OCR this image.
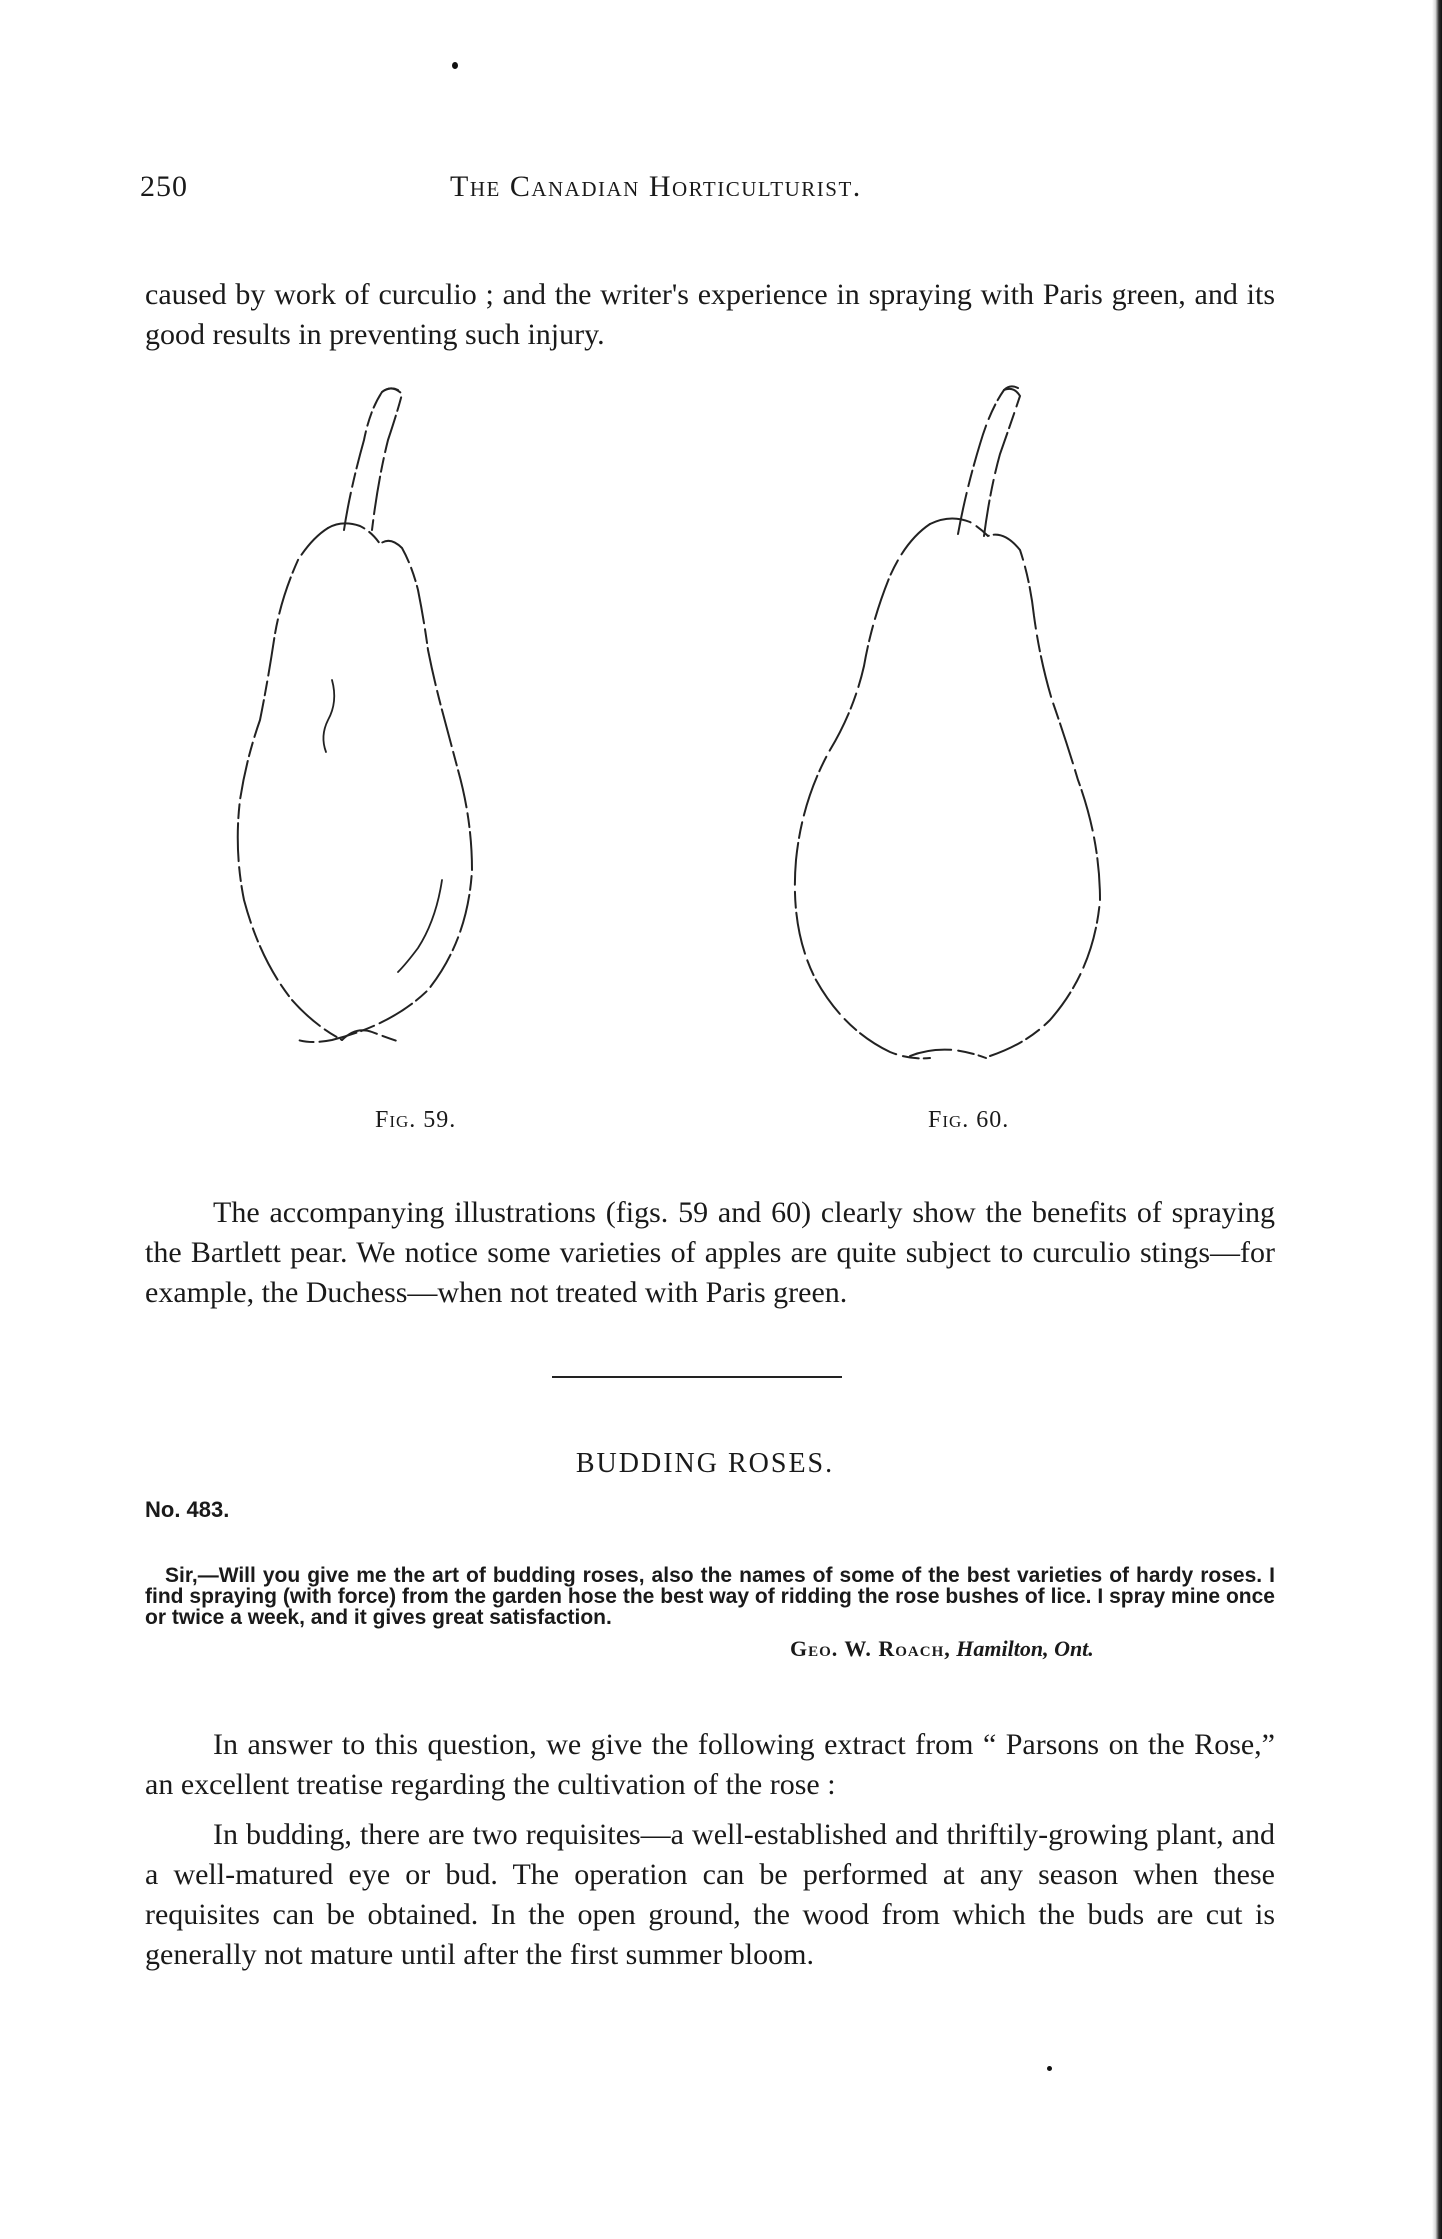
250	The Canadian Horticulturist.

caused by work of curculio ; and the writer's experience in spraying with Paris green, and its good results in preventing such injury.

Fig. 59.	Fig. 60.

The accompanying illustrations (figs. 59 and 60) clearly show the benefits of spraying the Bartlett pear. We notice some varieties of apples are quite subject to curculio stings—for example, the Duchess—when not treated with Paris green.

BUDDING ROSES.
No. 483.

Sir,—Will you give me the art of budding roses, also the names of some of the best varieties of hardy roses. I find spraying (with force) from the garden hose the best way of ridding the rose bushes of lice. I spray mine once or twice a week, and it gives great satisfaction.

Geo. W. Roach, Hamilton, Ont.

In answer to this question, we give the following extract from “ Parsons on the Rose,” an excellent treatise regarding the cultivation of the rose :

In budding, there are two requisites—a well-established and thriftily-growing plant, and a well-matured eye or bud. The operation can be performed at any season when these requisites can be obtained. In the open ground, the wood from which the buds are cut is generally not mature until after the first summer bloom.
